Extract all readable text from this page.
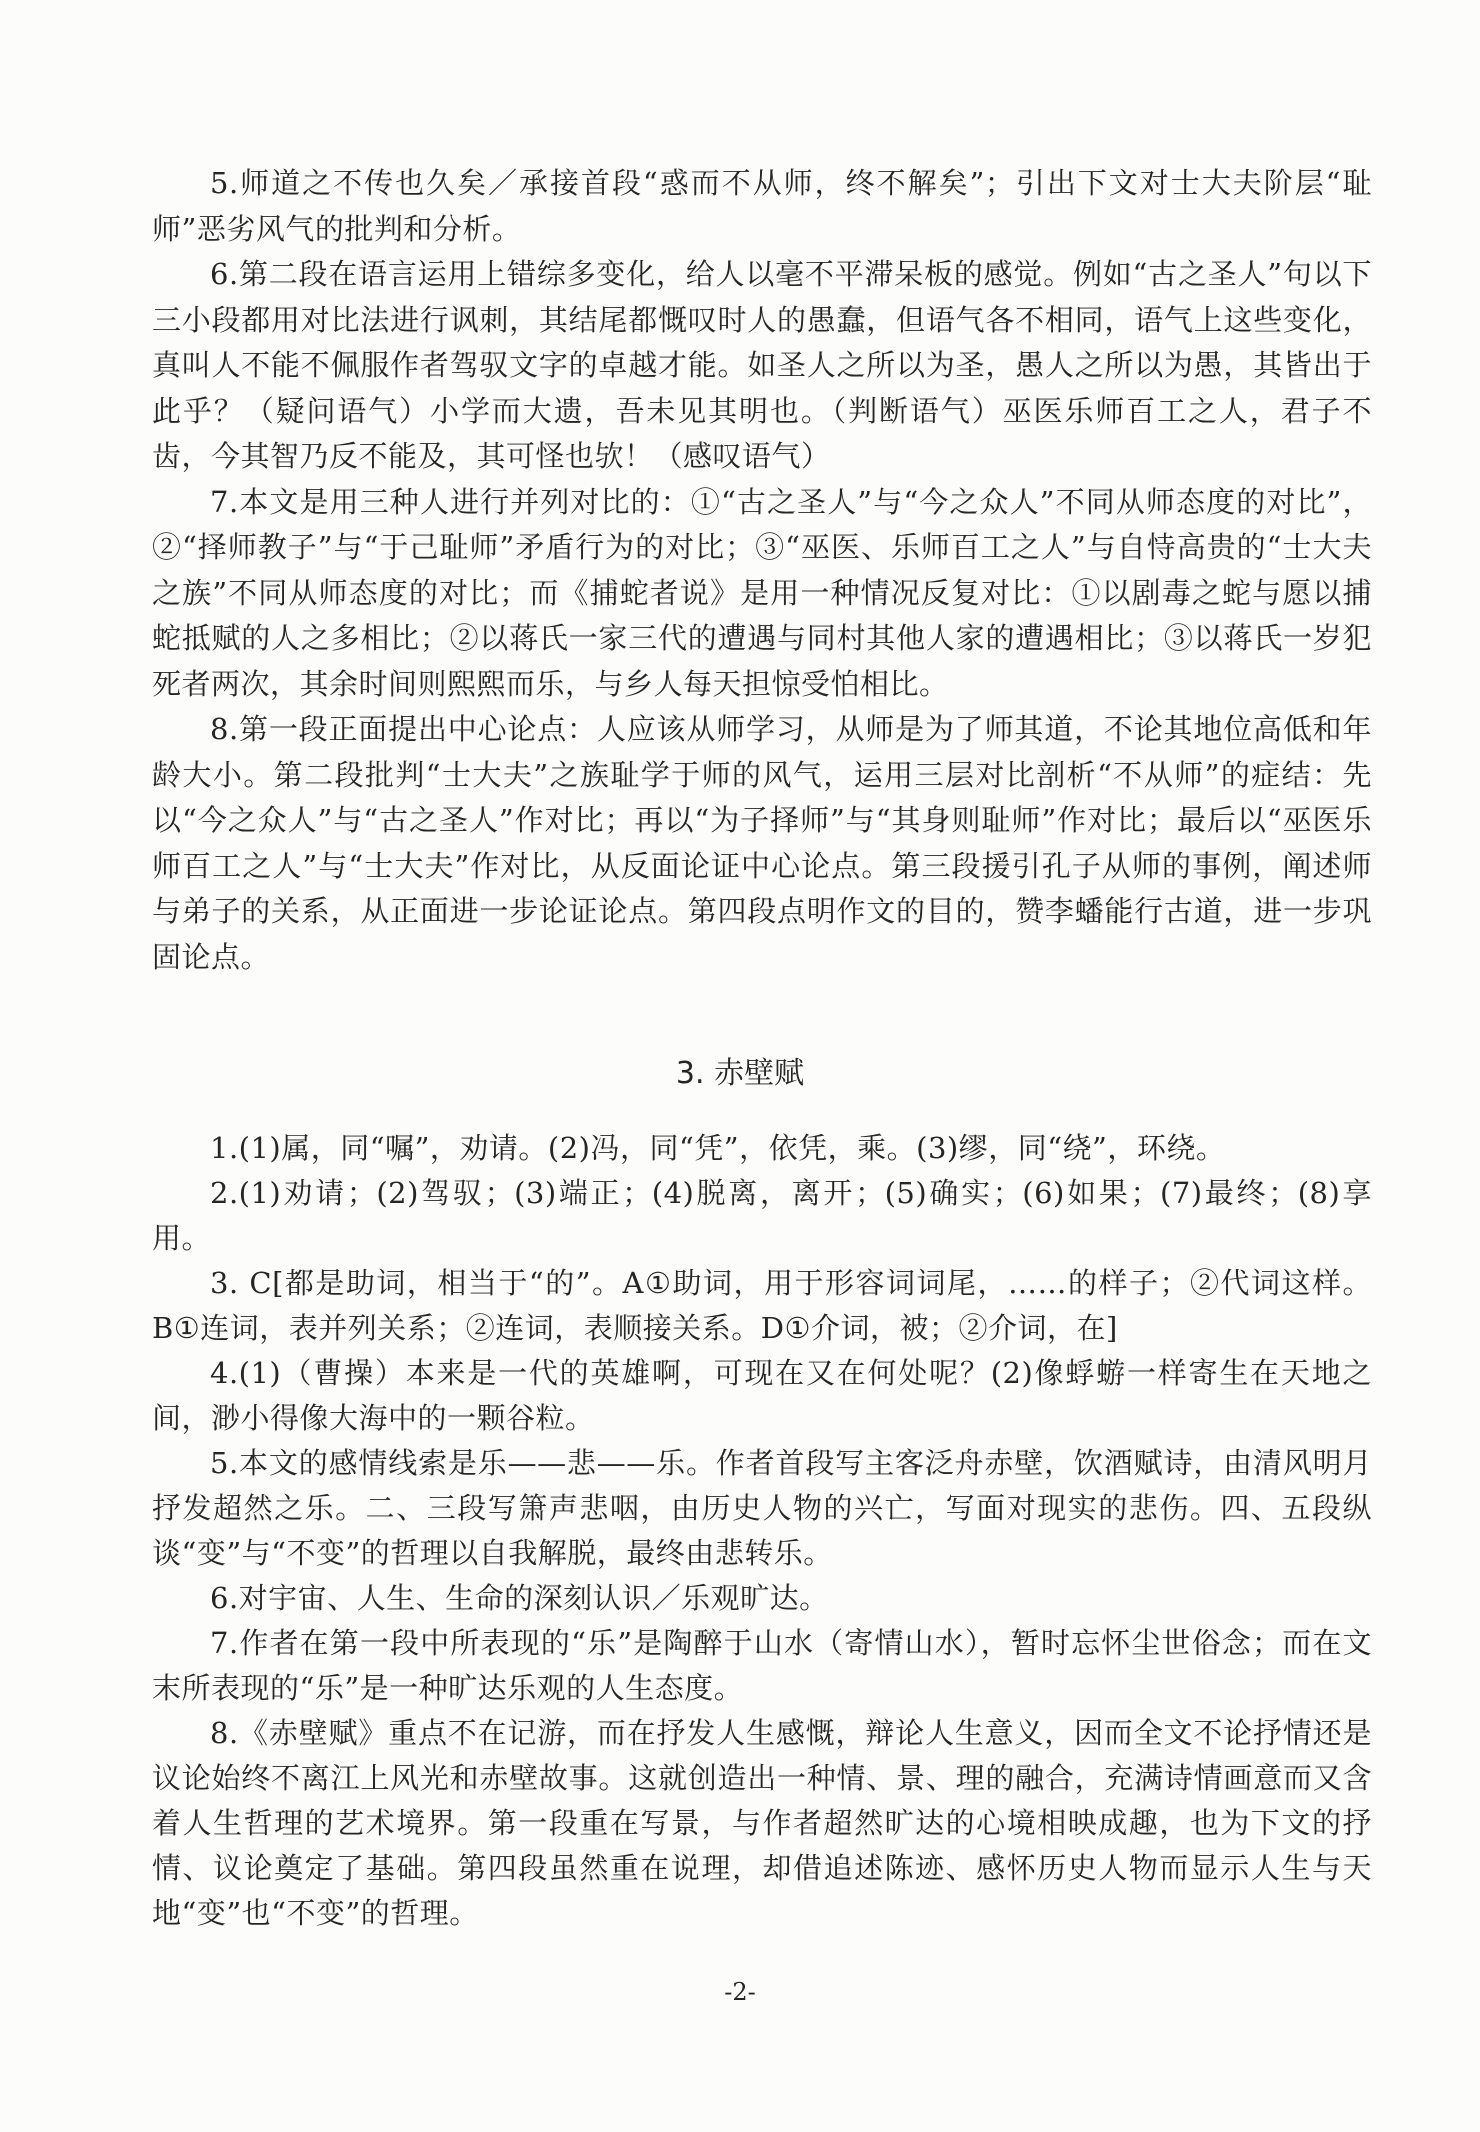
5.师道之不传也久矣／承接首段“惑而不从师，终不解矣”；引出下文对士大夫阶层“耻师”恶劣风气的批判和分析。

6.第二段在语言运用上错综多变化，给人以毫不平滞呆板的感觉。例如“古之圣人”句以下三小段都用对比法进行讽刺，其结尾都慨叹时人的愚蠢，但语气各不相同，语气上这些变化，真叫人不能不佩服作者驾驭文字的卓越才能。如圣人之所以为圣，愚人之所以为愚，其皆出于此乎？（疑问语气）小学而大遗，吾未见其明也。（判断语气）巫医乐师百工之人，君子不齿，今其智乃反不能及，其可怪也欤！（感叹语气）

7.本文是用三种人进行并列对比的：①“古之圣人”与“今之众人”不同从师态度的对比”，②“择师教子”与“于己耻师”矛盾行为的对比；③“巫医、乐师百工之人”与自恃高贵的“士大夫之族”不同从师态度的对比；而《捕蛇者说》是用一种情况反复对比：①以剧毒之蛇与愿以捕蛇抵赋的人之多相比；②以蒋氏一家三代的遭遇与同村其他人家的遭遇相比；③以蒋氏一岁犯死者两次，其余时间则熙熙而乐，与乡人每天担惊受怕相比。

8.第一段正面提出中心论点：人应该从师学习，从师是为了师其道，不论其地位高低和年龄大小。第二段批判“士大夫”之族耻学于师的风气，运用三层对比剖析“不从师”的症结：先以“今之众人”与“古之圣人”作对比；再以“为子择师”与“其身则耻师”作对比；最后以“巫医乐师百工之人”与“士大夫”作对比，从反面论证中心论点。第三段援引孔子从师的事例，阐述师与弟子的关系，从正面进一步论证论点。第四段点明作文的目的，赞李蟠能行古道，进一步巩固论点。

3. 赤壁赋

1.(1)属，同“嘱”，劝请。(2)冯，同“凭”，依凭，乘。(3)缪，同“绕”，环绕。

2.(1)劝请；(2)驾驭；(3)端正；(4)脱离，离开；(5)确实；(6)如果；(7)最终；(8)享用。

3. C[都是助词，相当于“的”。A①助词，用于形容词词尾，……的样子；②代词这样。B①连词，表并列关系；②连词，表顺接关系。D①介词，被；②介词，在]

4.(1)（曹操）本来是一代的英雄啊，可现在又在何处呢？(2)像蜉蝣一样寄生在天地之间，渺小得像大海中的一颗谷粒。

5.本文的感情线索是乐——悲——乐。作者首段写主客泛舟赤壁，饮酒赋诗，由清风明月抒发超然之乐。二、三段写箫声悲咽，由历史人物的兴亡，写面对现实的悲伤。四、五段纵谈“变”与“不变”的哲理以自我解脱，最终由悲转乐。

6.对宇宙、人生、生命的深刻认识／乐观旷达。

7.作者在第一段中所表现的“乐”是陶醉于山水（寄情山水），暂时忘怀尘世俗念；而在文末所表现的“乐”是一种旷达乐观的人生态度。

8.《赤壁赋》重点不在记游，而在抒发人生感慨，辩论人生意义，因而全文不论抒情还是议论始终不离江上风光和赤壁故事。这就创造出一种情、景、理的融合，充满诗情画意而又含着人生哲理的艺术境界。第一段重在写景，与作者超然旷达的心境相映成趣，也为下文的抒情、议论奠定了基础。第四段虽然重在说理，却借追述陈迹、感怀历史人物而显示人生与天地“变”也“不变”的哲理。

-2-
